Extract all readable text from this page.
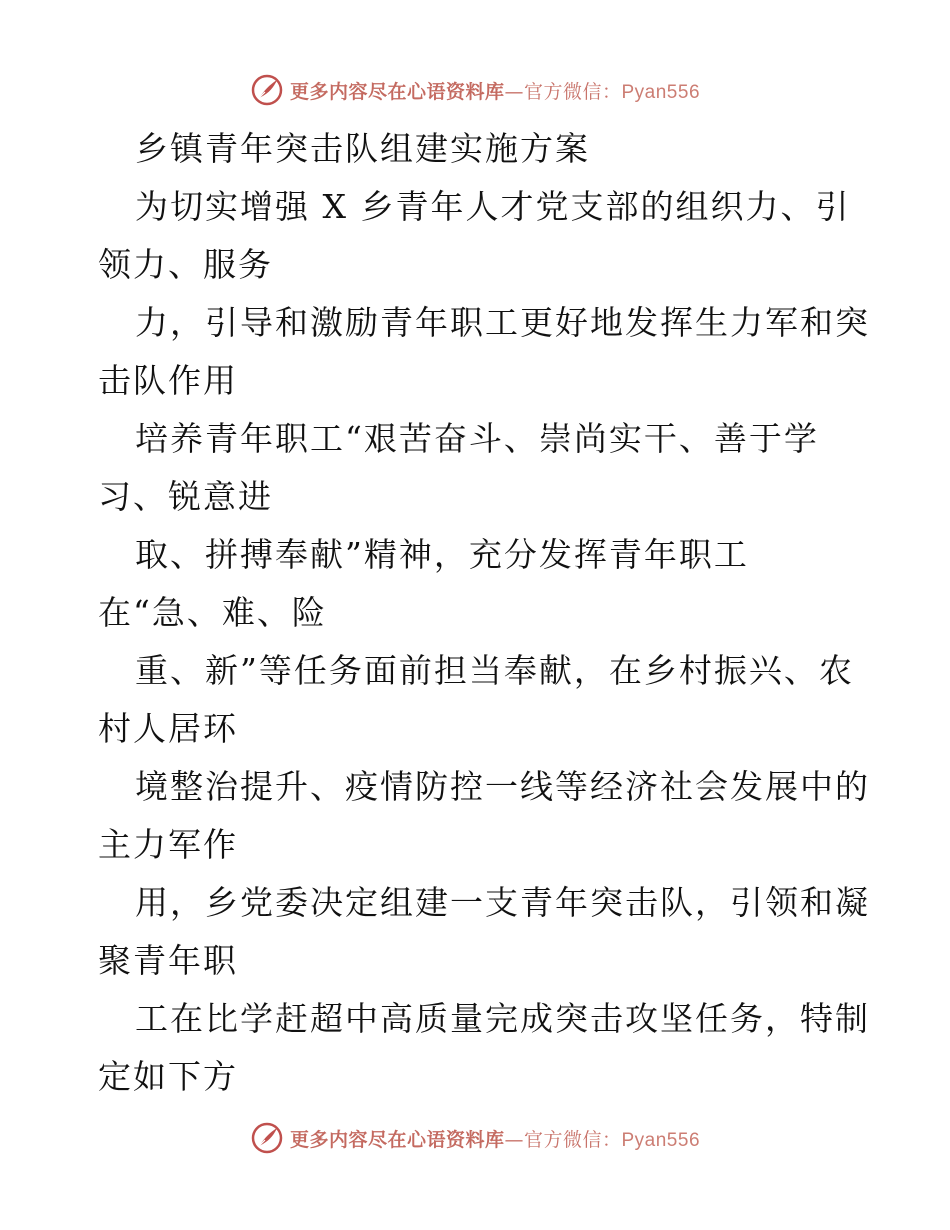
更多内容尽在心语资料库—官方微信：Pyan556
乡镇青年突击队组建实施方案
为切实增强 X 乡青年人才党支部的组织力、引
领力、服务
力，引导和激励青年职工更好地发挥生力军和突
击队作用
培养青年职工“艰苦奋斗、崇尚实干、善于学
习、锐意进
取、拼搏奉献”精神，充分发挥青年职工
在“急、难、险
重、新”等任务面前担当奉献，在乡村振兴、农
村人居环
境整治提升、疫情防控一线等经济社会发展中的
主力军作
用，乡党委决定组建一支青年突击队，引领和凝
聚青年职
工在比学赶超中高质量完成突击攻坚任务，特制
定如下方
更多内容尽在心语资料库—官方微信：Pyan556
